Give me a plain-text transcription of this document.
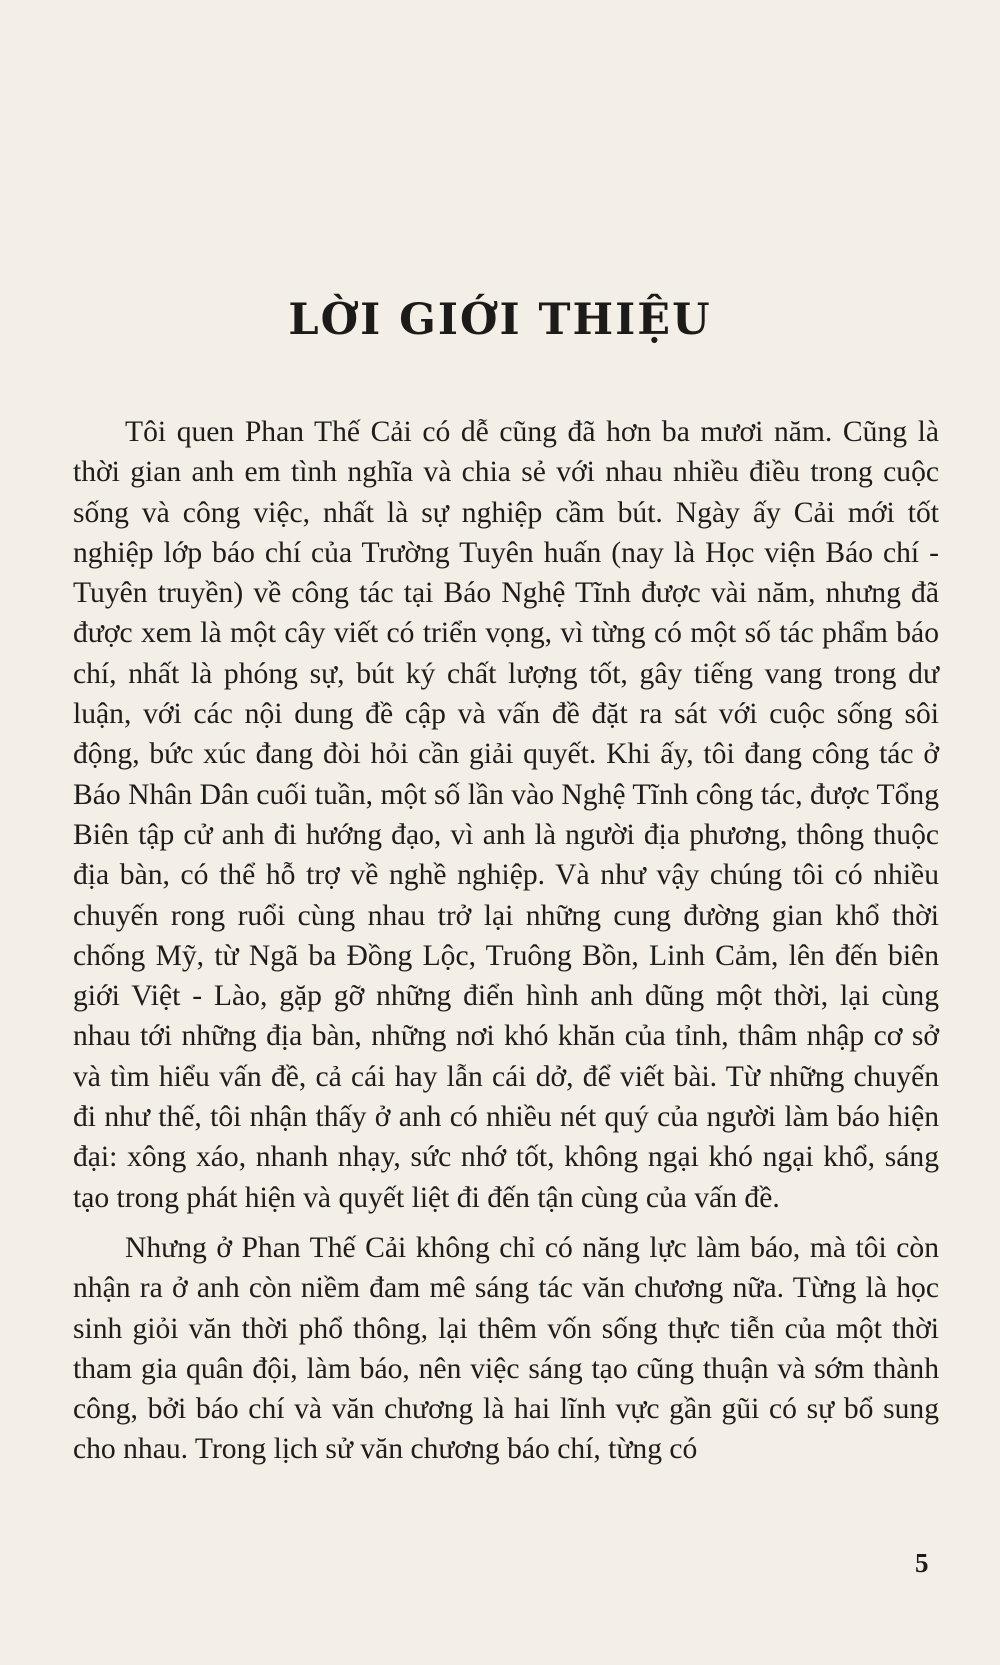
LỜI GIỚI THIỆU

Tôi quen Phan Thế Cải có dễ cũng đã hơn ba mươi năm. Cũng là thời gian anh em tình nghĩa và chia sẻ với nhau nhiều điều trong cuộc sống và công việc, nhất là sự nghiệp cầm bút. Ngày ấy Cải mới tốt nghiệp lớp báo chí của Trường Tuyên huấn (nay là Học viện Báo chí - Tuyên truyền) về công tác tại Báo Nghệ Tĩnh được vài năm, nhưng đã được xem là một cây viết có triển vọng, vì từng có một số tác phẩm báo chí, nhất là phóng sự, bút ký chất lượng tốt, gây tiếng vang trong dư luận, với các nội dung đề cập và vấn đề đặt ra sát với cuộc sống sôi động, bức xúc đang đòi hỏi cần giải quyết. Khi ấy, tôi đang công tác ở Báo Nhân Dân cuối tuần, một số lần vào Nghệ Tĩnh công tác, được Tổng Biên tập cử anh đi hướng đạo, vì anh là người địa phương, thông thuộc địa bàn, có thể hỗ trợ về nghề nghiệp. Và như vậy chúng tôi có nhiều chuyến rong ruổi cùng nhau trở lại những cung đường gian khổ thời chống Mỹ, từ Ngã ba Đồng Lộc, Truông Bồn, Linh Cảm, lên đến biên giới Việt - Lào, gặp gỡ những điển hình anh dũng một thời, lại cùng nhau tới những địa bàn, những nơi khó khăn của tỉnh, thâm nhập cơ sở và tìm hiểu vấn đề, cả cái hay lẫn cái dở, để viết bài. Từ những chuyến đi như thế, tôi nhận thấy ở anh có nhiều nét quý của người làm báo hiện đại: xông xáo, nhanh nhạy, sức nhớ tốt, không ngại khó ngại khổ, sáng tạo trong phát hiện và quyết liệt đi đến tận cùng của vấn đề.

Nhưng ở Phan Thế Cải không chỉ có năng lực làm báo, mà tôi còn nhận ra ở anh còn niềm đam mê sáng tác văn chương nữa. Từng là học sinh giỏi văn thời phổ thông, lại thêm vốn sống thực tiễn của một thời tham gia quân đội, làm báo, nên việc sáng tạo cũng thuận và sớm thành công, bởi báo chí và văn chương là hai lĩnh vực gần gũi có sự bổ sung cho nhau. Trong lịch sử văn chương báo chí, từng có

5
